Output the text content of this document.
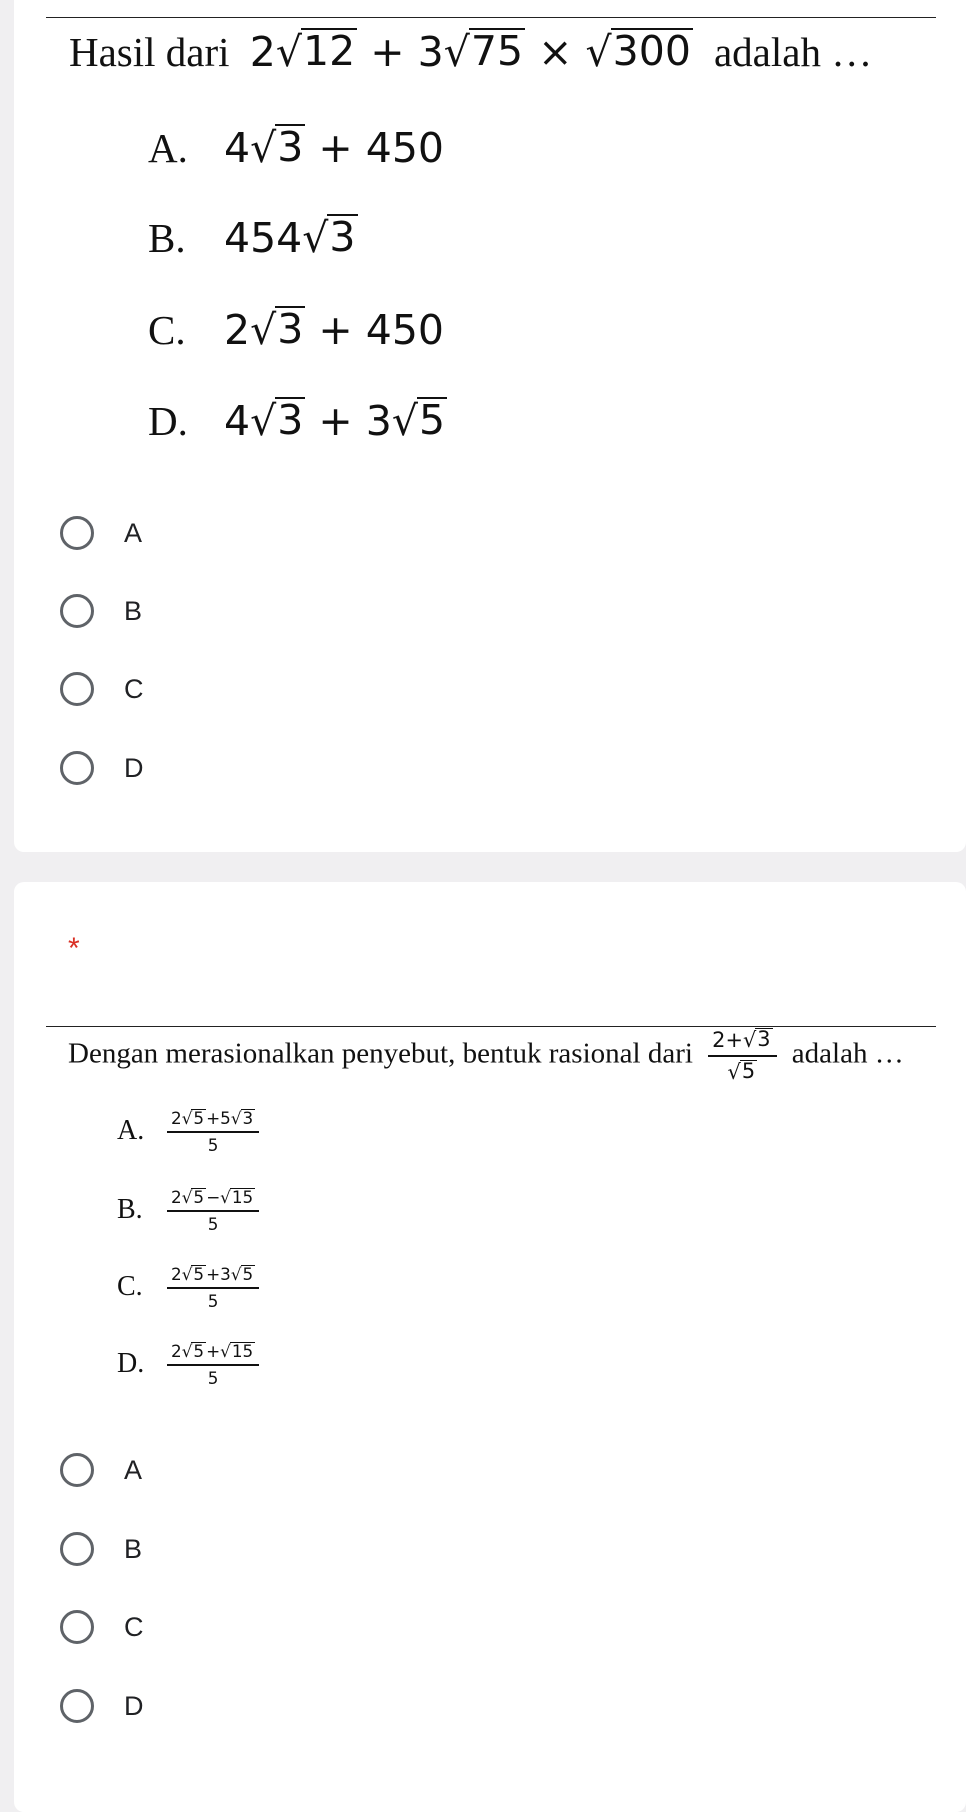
Hasil dari 2 √ 12 + 3 √ 75 × √ 300 adalah …
A. 4 √ 3 + 450
B. 454 √ 3
C. 2 √ 3 + 450
D. 4 √ 3 + 3 √ 5
A
B
C
D
*
Dengan merasionalkan penyebut, bentuk rasional dari $\frac{2+ √ 3}{√ 5}$ adalah …
A. $\frac{2 √ 5 +5 √ 3}{5}$
B. $\frac{2 √ 5 - √ 15}{5}$
C. $\frac{2 √ 5 +3 √ 5}{5}$
D. $\frac{2 √ 5 + √ 15}{5}$
A
B
C
D
